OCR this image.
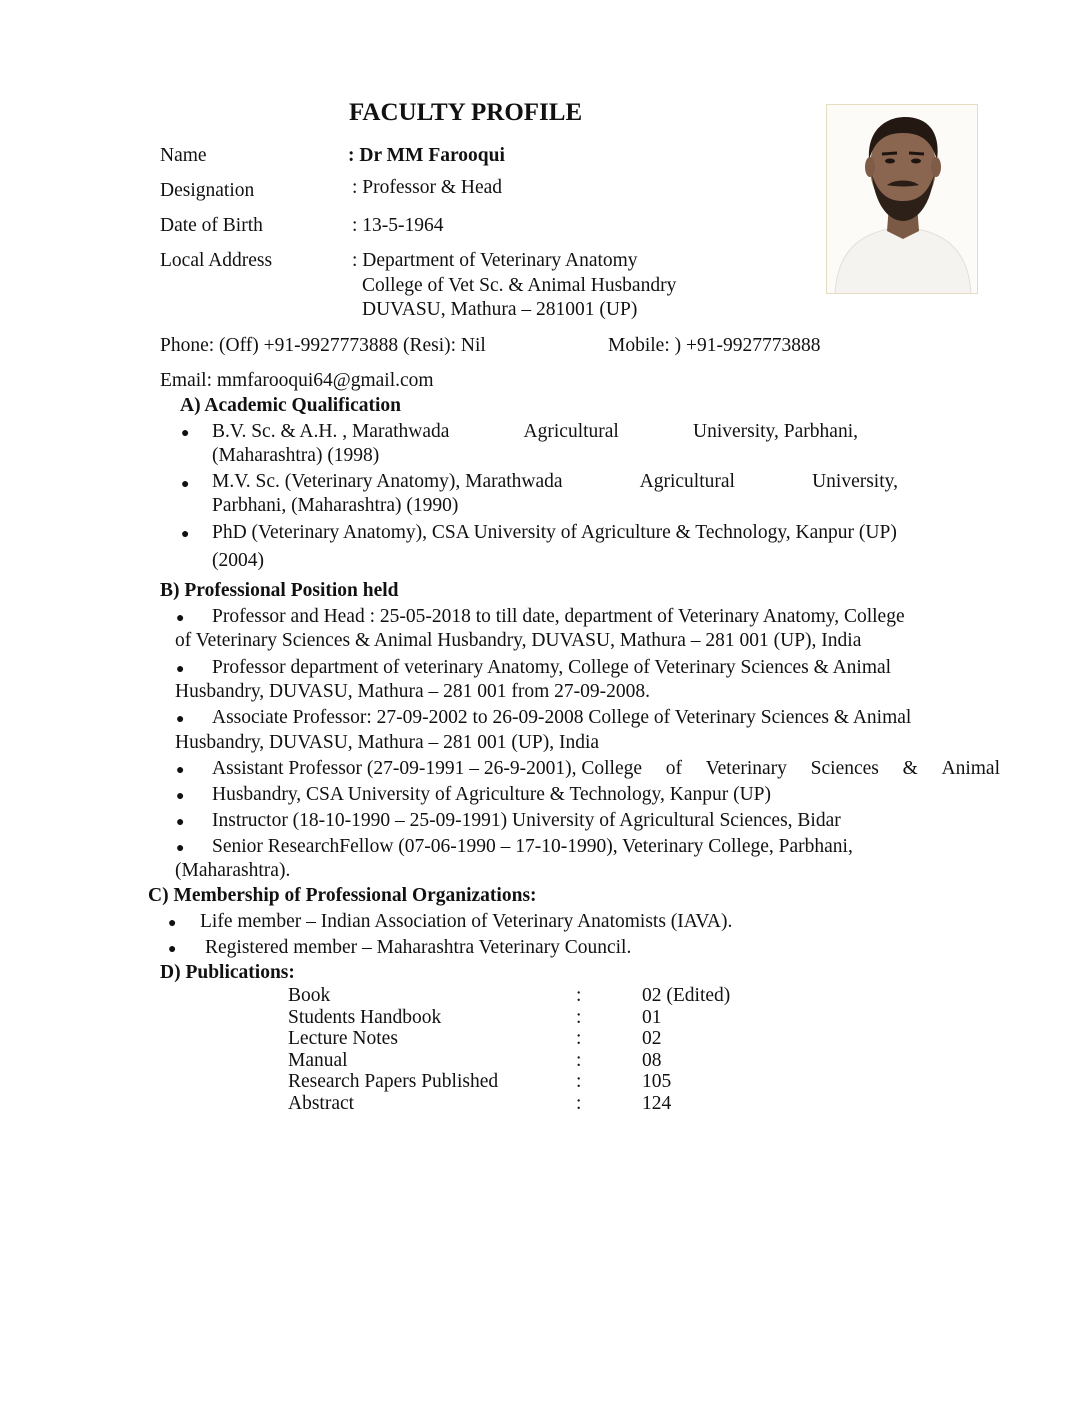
FACULTY PROFILE
Name	: Dr MM Farooqui
Designation	: Professor & Head
Date of Birth	: 13-5-1964
Local Address	: Department of Veterinary Anatomy
College of Vet Sc. & Animal Husbandry
DUVASU, Mathura – 281001 (UP)
Phone: (Off) +91-9927773888 (Resi): Nil	Mobile: ) +91-9927773888
Email: mmfarooqui64@gmail.com
A) Academic Qualification
● B.V. Sc. & A.H. , Marathwada	Agricultural	University, Parbhani,
(Maharashtra) (1998)
● M.V. Sc. (Veterinary Anatomy), Marathwada	Agricultural	University,
Parbhani, (Maharashtra) (1990)
● PhD (Veterinary Anatomy), CSA University of Agriculture & Technology, Kanpur (UP)
(2004)
B) Professional Position held
● Professor and Head : 25-05-2018 to till date, department of Veterinary Anatomy, College
of Veterinary Sciences & Animal Husbandry, DUVASU, Mathura – 281 001 (UP), India
● Professor department of veterinary Anatomy, College of Veterinary Sciences & Animal
Husbandry, DUVASU, Mathura – 281 001 from 27-09-2008.
● Associate Professor: 27-09-2002 to 26-09-2008 College of Veterinary Sciences & Animal
Husbandry, DUVASU, Mathura – 281 001 (UP), India
● Assistant Professor (27-09-1991 – 26-9-2001), College of Veterinary Sciences & Animal
● Husbandry, CSA University of Agriculture & Technology, Kanpur (UP)
● Instructor (18-10-1990 – 25-09-1991) University of Agricultural Sciences, Bidar
● Senior ResearchFellow (07-06-1990 – 17-10-1990), Veterinary College, Parbhani,
(Maharashtra).
C) Membership of Professional Organizations:
● Life member – Indian Association of Veterinary Anatomists (IAVA).
● Registered member – Maharashtra Veterinary Council.
D) Publications:
Book	:	02 (Edited)
Students Handbook	:	01
Lecture Notes	:	02
Manual	:	08
Research Papers Published	:	105
Abstract	:	124
